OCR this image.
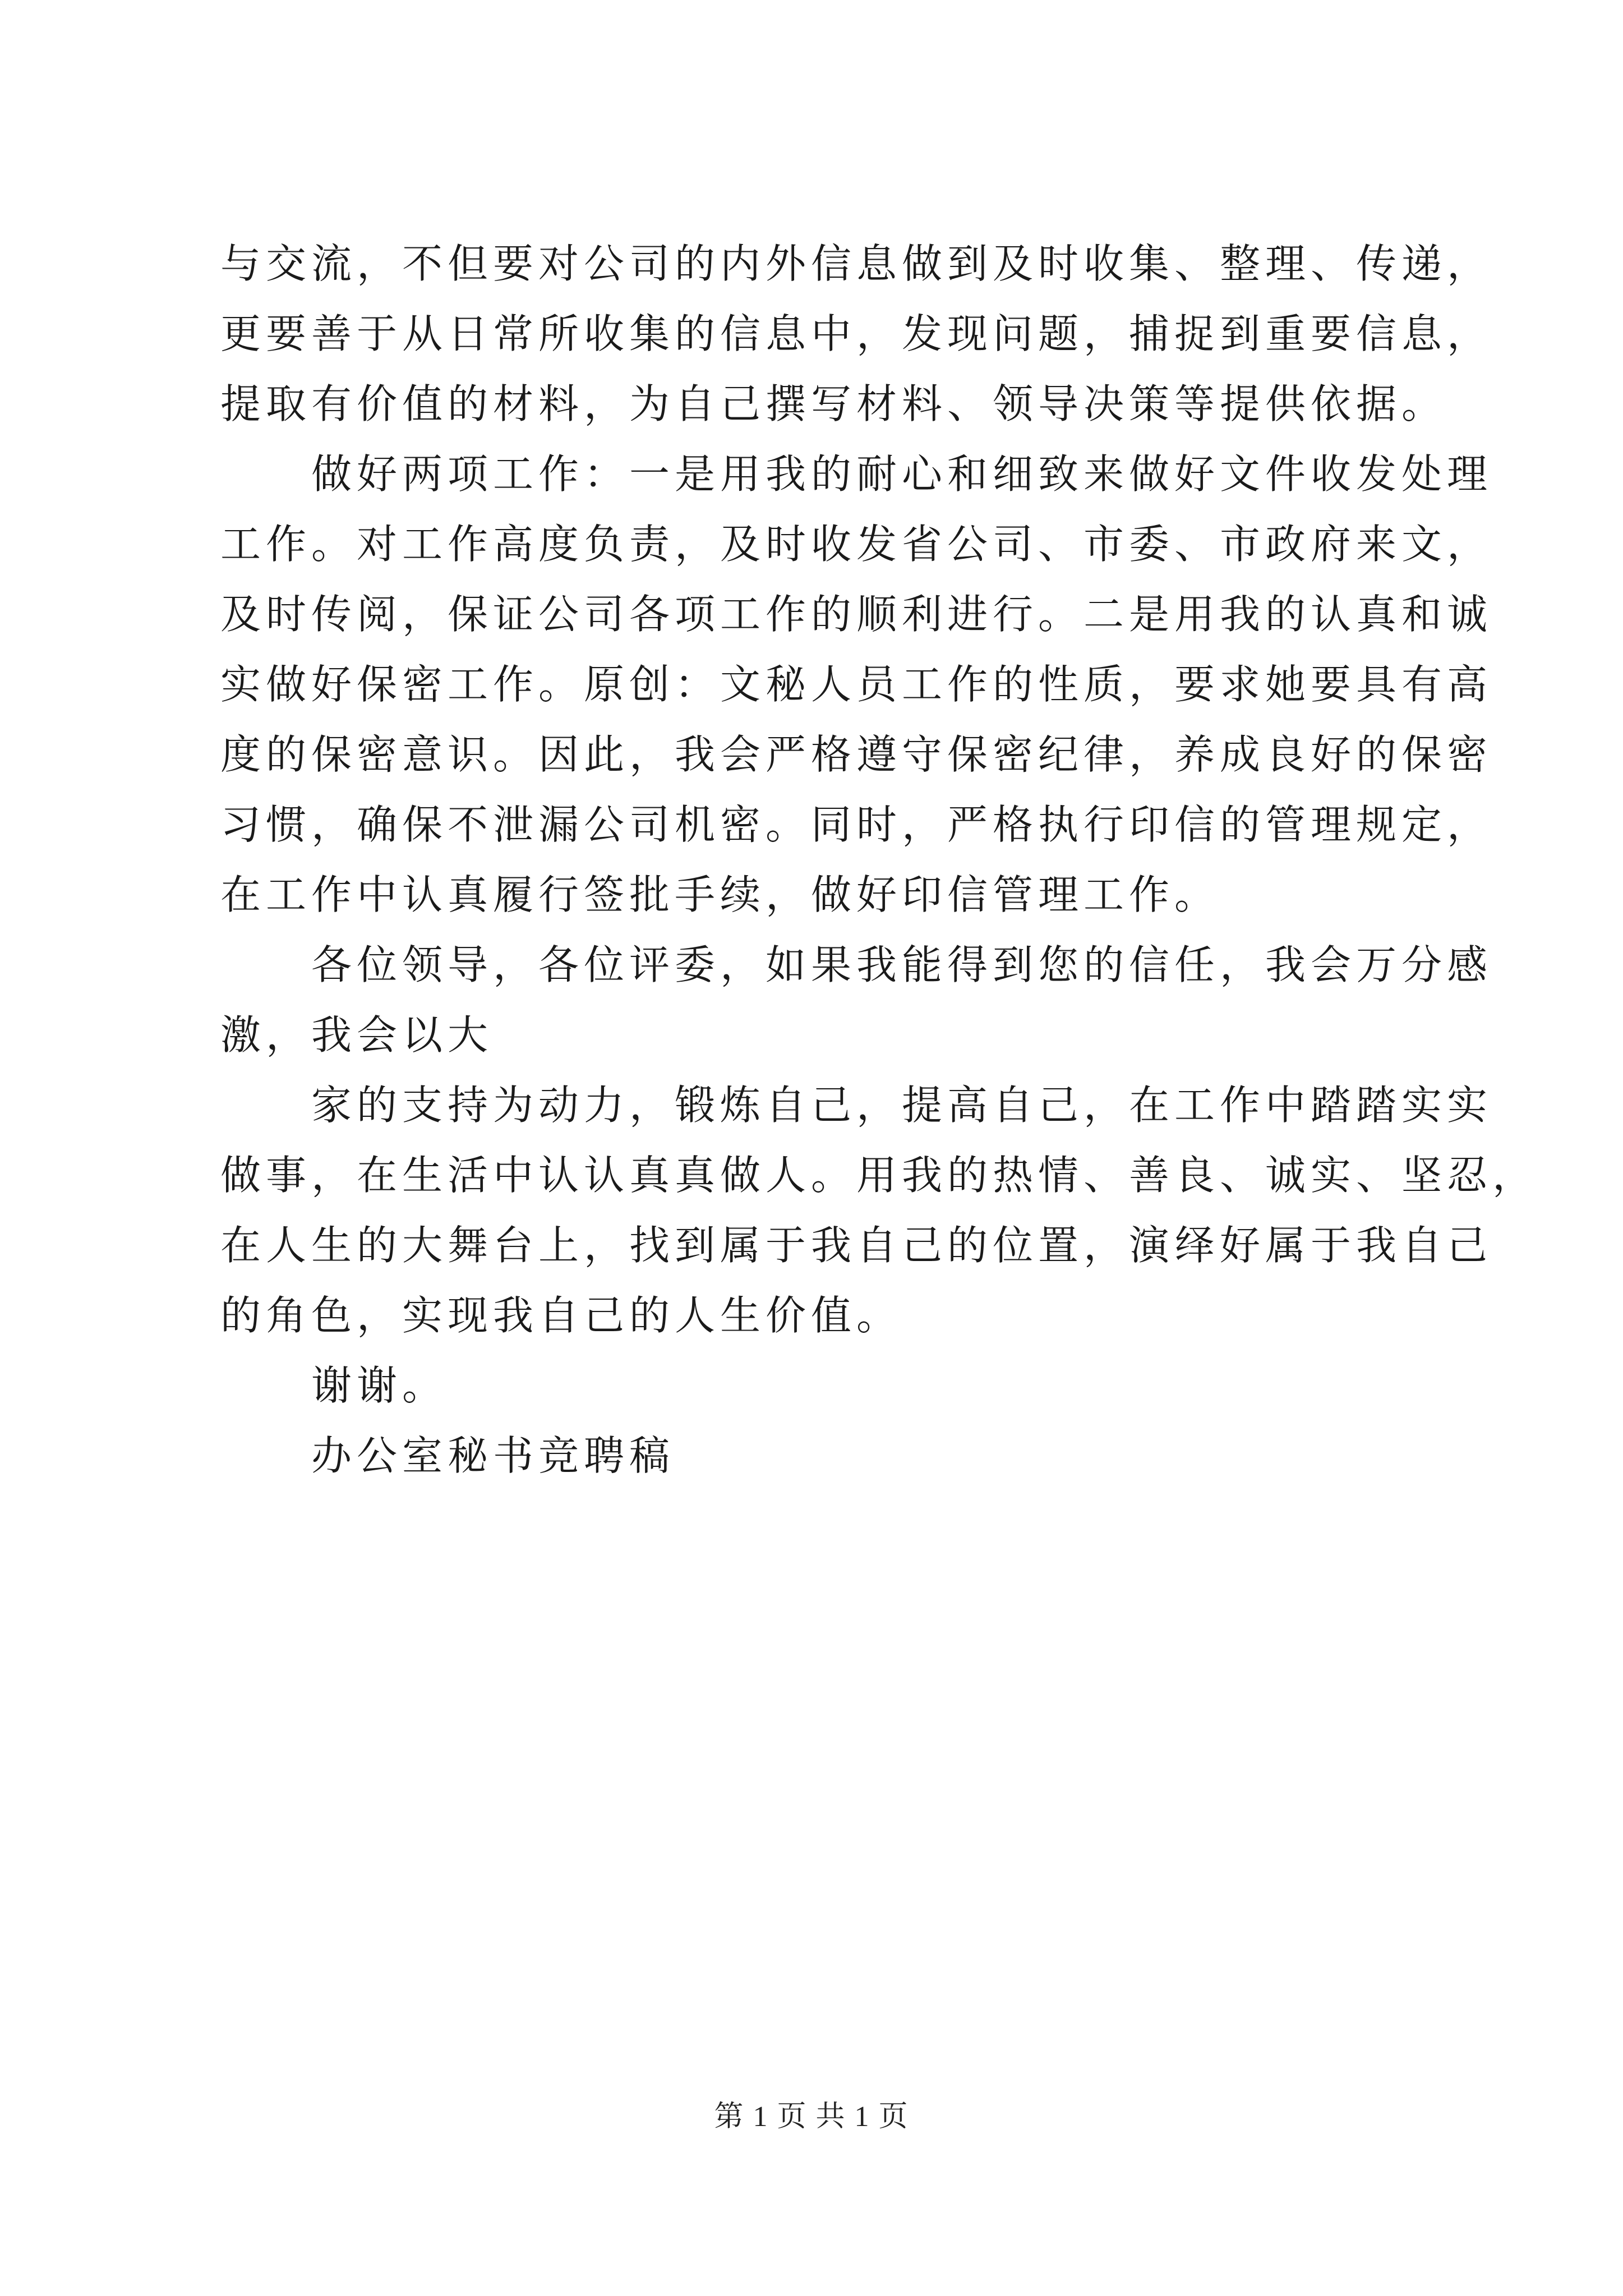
与交流，不但要对公司的内外信息做到及时收集、整理、传递，
更要善于从日常所收集的信息中，发现问题，捕捉到重要信息，
提取有价值的材料，为自己撰写材料、领导决策等提供依据。
做好两项工作：一是用我的耐心和细致来做好文件收发处理
工作。对工作高度负责，及时收发省公司、市委、市政府来文，
及时传阅，保证公司各项工作的顺利进行。二是用我的认真和诚
实做好保密工作。原创：文秘人员工作的性质，要求她要具有高
度的保密意识。因此，我会严格遵守保密纪律，养成良好的保密
习惯，确保不泄漏公司机密。同时，严格执行印信的管理规定，
在工作中认真履行签批手续，做好印信管理工作。
各位领导，各位评委，如果我能得到您的信任，我会万分感
激，我会以大
家的支持为动力，锻炼自己，提高自己，在工作中踏踏实实
做事，在生活中认认真真做人。用我的热情、善良、诚实、坚忍，
在人生的大舞台上，找到属于我自己的位置，演绎好属于我自己
的角色，实现我自己的人生价值。
谢谢。
办公室秘书竞聘稿
第 1 页 共 1 页
